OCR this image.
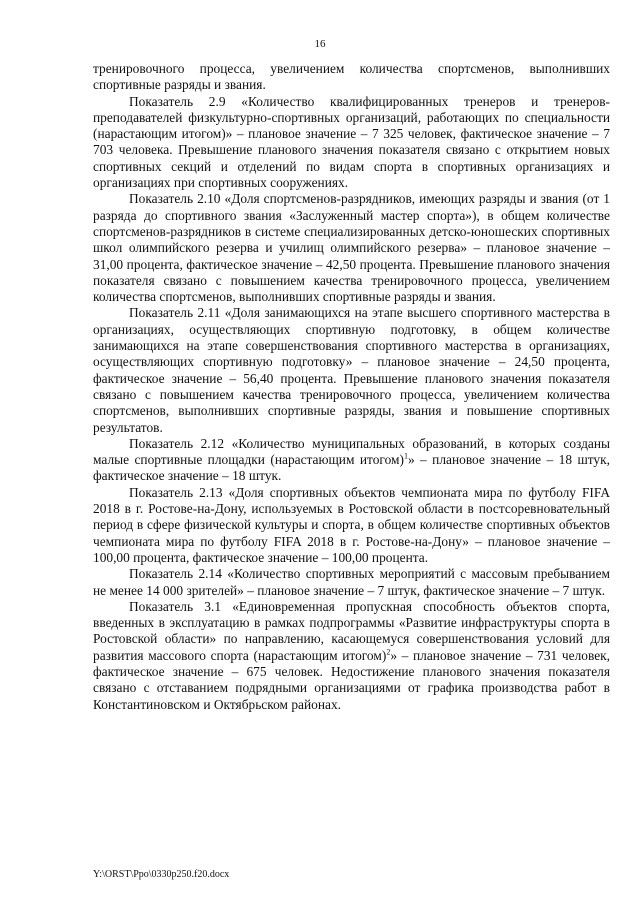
16

тренировочного процесса, увеличением количества спортсменов, выполнивших спортивные разряды и звания.

Показатель 2.9 «Количество квалифицированных тренеров и тренеров-преподавателей физкультурно-спортивных организаций, работающих по специальности (нарастающим итогом)» – плановое значение – 7 325 человек, фактическое значение – 7 703 человека. Превышение планового значения показателя связано с открытием новых спортивных секций и отделений по видам спорта в спортивных организациях и организациях при спортивных сооружениях.

Показатель 2.10 «Доля спортсменов-разрядников, имеющих разряды и звания (от 1 разряда до спортивного звания «Заслуженный мастер спорта»), в общем количестве спортсменов-разрядников в системе специализированных детско-юношеских спортивных школ олимпийского резерва и училищ олимпийского резерва» – плановое значение – 31,00 процента, фактическое значение – 42,50 процента. Превышение планового значения показателя связано с повышением качества тренировочного процесса, увеличением количества спортсменов, выполнивших спортивные разряды и звания.

Показатель 2.11 «Доля занимающихся на этапе высшего спортивного мастерства в организациях, осуществляющих спортивную подготовку, в общем количестве занимающихся на этапе совершенствования спортивного мастерства в организациях, осуществляющих спортивную подготовку» – плановое значение – 24,50 процента, фактическое значение – 56,40 процента. Превышение планового значения показателя связано с повышением качества тренировочного процесса, увеличением количества спортсменов, выполнивших спортивные разряды, звания и повышение спортивных результатов.

Показатель 2.12 «Количество муниципальных образований, в которых созданы малые спортивные площадки (нарастающим итогом)$^1$» – плановое значение – 18 штук, фактическое значение – 18 штук.

Показатель 2.13 «Доля спортивных объектов чемпионата мира по футболу FIFA 2018 в г. Ростове-на-Дону, используемых в Ростовской области в постсоревновательный период в сфере физической культуры и спорта, в общем количестве спортивных объектов чемпионата мира по футболу FIFA 2018 в г. Ростове-на-Дону» – плановое значение – 100,00 процента, фактическое значение – 100,00 процента.

Показатель 2.14 «Количество спортивных мероприятий с массовым пребыванием не менее 14 000 зрителей» – плановое значение – 7 штук, фактическое значение – 7 штук.

Показатель 3.1 «Единовременная пропускная способность объектов спорта, введенных в эксплуатацию в рамках подпрограммы «Развитие инфраструктуры спорта в Ростовской области» по направлению, касающемуся совершенствования условий для развития массового спорта (нарастающим итогом)$^2$» – плановое значение – 731 человек, фактическое значение – 675 человек. Недостижение планового значения показателя связано с отставанием подрядными организациями от графика производства работ в Константиновском и Октябрьском районах.

Y:\ORST\Ppo\0330p250.f20.docx
